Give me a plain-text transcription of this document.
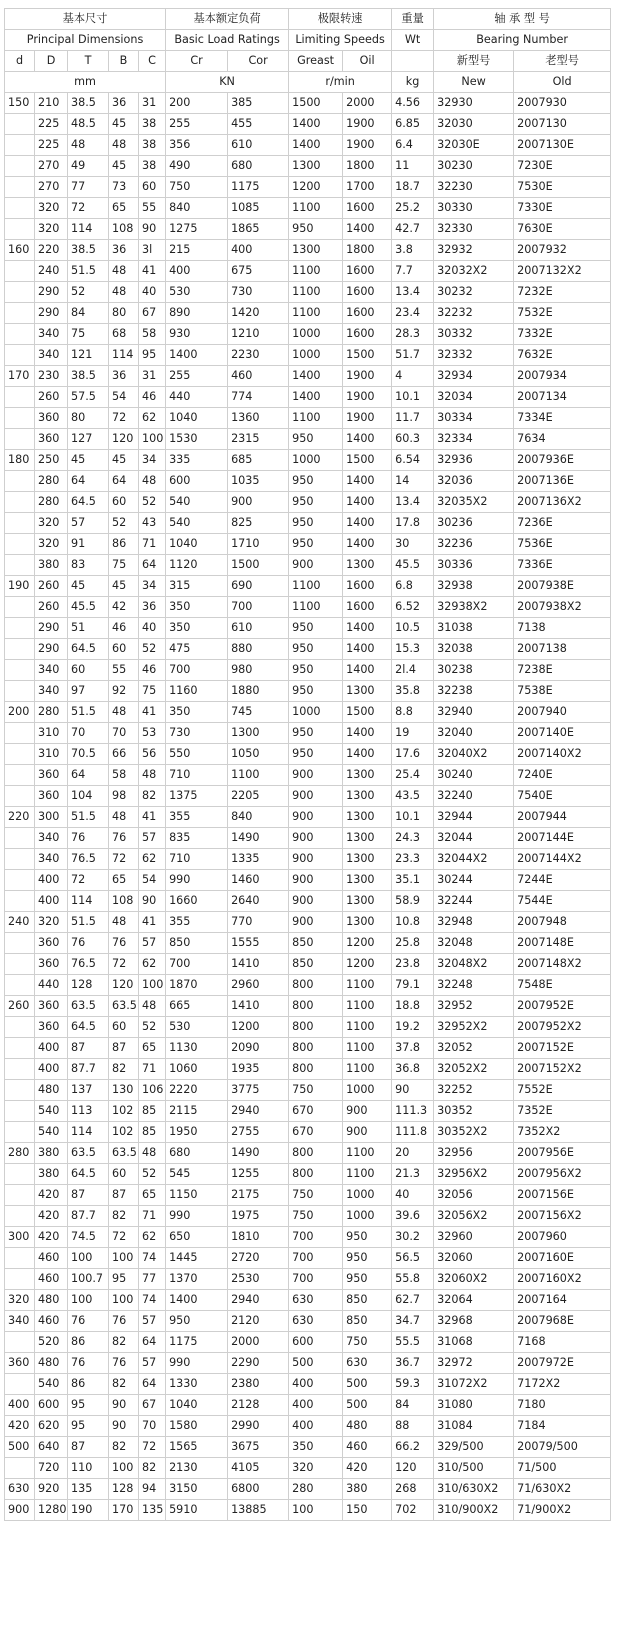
基本尺寸					基本额定负荷		极限转速		重量	轴 承 型 号	
Principal Dimensions					Basic Load Ratings		Limiting Speeds		Wt	Bearing Number	
d	D	T	B	C	Cr	Cor	Greast	Oil		新型号	老型号
mm					KN		r/min		kg	New	Old
150	210	38.5	36	31	200	385	1500	2000	4.56	32930	2007930
	225	48.5	45	38	255	455	1400	1900	6.85	32030	2007130
	225	48	48	38	356	610	1400	1900	6.4	32030E	2007130E
	270	49	45	38	490	680	1300	1800	11	30230	7230E
	270	77	73	60	750	1175	1200	1700	18.7	32230	7530E
	320	72	65	55	840	1085	1100	1600	25.2	30330	7330E
	320	114	108	90	1275	1865	950	1400	42.7	32330	7630E
160	220	38.5	36	3l	215	400	1300	1800	3.8	32932	2007932
	240	51.5	48	41	400	675	1100	1600	7.7	32032X2	2007132X2
	290	52	48	40	530	730	1100	1600	13.4	30232	7232E
	290	84	80	67	890	1420	1100	1600	23.4	32232	7532E
	340	75	68	58	930	1210	1000	1600	28.3	30332	7332E
	340	121	114	95	1400	2230	1000	1500	51.7	32332	7632E
170	230	38.5	36	31	255	460	1400	1900	4	32934	2007934
	260	57.5	54	46	440	774	1400	1900	10.1	32034	2007134
	360	80	72	62	1040	1360	1100	1900	11.7	30334	7334E
	360	127	120	100	1530	2315	950	1400	60.3	32334	7634
180	250	45	45	34	335	685	1000	1500	6.54	32936	2007936E
	280	64	64	48	600	1035	950	1400	14	32036	2007136E
	280	64.5	60	52	540	900	950	1400	13.4	32035X2	2007136X2
	320	57	52	43	540	825	950	1400	17.8	30236	7236E
	320	91	86	71	1040	1710	950	1400	30	32236	7536E
	380	83	75	64	1120	1500	900	1300	45.5	30336	7336E
190	260	45	45	34	315	690	1100	1600	6.8	32938	2007938E
	260	45.5	42	36	350	700	1100	1600	6.52	32938X2	2007938X2
	290	51	46	40	350	610	950	1400	10.5	31038	7138
	290	64.5	60	52	475	880	950	1400	15.3	32038	2007138
	340	60	55	46	700	980	950	1400	2l.4	30238	7238E
	340	97	92	75	1160	1880	950	1300	35.8	32238	7538E
200	280	51.5	48	41	350	745	1000	1500	8.8	32940	2007940
	310	70	70	53	730	1300	950	1400	19	32040	2007140E
	310	70.5	66	56	550	1050	950	1400	17.6	32040X2	2007140X2
	360	64	58	48	710	1100	900	1300	25.4	30240	7240E
	360	104	98	82	1375	2205	900	1300	43.5	32240	7540E
220	300	51.5	48	41	355	840	900	1300	10.1	32944	2007944
	340	76	76	57	835	1490	900	1300	24.3	32044	2007144E
	340	76.5	72	62	710	1335	900	1300	23.3	32044X2	2007144X2
	400	72	65	54	990	1460	900	1300	35.1	30244	7244E
	400	114	108	90	1660	2640	900	1300	58.9	32244	7544E
240	320	51.5	48	41	355	770	900	1300	10.8	32948	2007948
	360	76	76	57	850	1555	850	1200	25.8	32048	2007148E
	360	76.5	72	62	700	1410	850	1200	23.8	32048X2	2007148X2
	440	128	120	100	1870	2960	800	1100	79.1	32248	7548E
260	360	63.5	63.5	48	665	1410	800	1100	18.8	32952	2007952E
	360	64.5	60	52	530	1200	800	1100	19.2	32952X2	2007952X2
	400	87	87	65	1130	2090	800	1100	37.8	32052	2007152E
	400	87.7	82	71	1060	1935	800	1100	36.8	32052X2	2007152X2
	480	137	130	106	2220	3775	750	1000	90	32252	7552E
	540	113	102	85	2115	2940	670	900	111.3	30352	7352E
	540	114	102	85	1950	2755	670	900	111.8	30352X2	7352X2
280	380	63.5	63.5	48	680	1490	800	1100	20	32956	2007956E
	380	64.5	60	52	545	1255	800	1100	21.3	32956X2	2007956X2
	420	87	87	65	1150	2175	750	1000	40	32056	2007156E
	420	87.7	82	71	990	1975	750	1000	39.6	32056X2	2007156X2
300	420	74.5	72	62	650	1810	700	950	30.2	32960	2007960
	460	100	100	74	1445	2720	700	950	56.5	32060	2007160E
	460	100.7	95	77	1370	2530	700	950	55.8	32060X2	2007160X2
320	480	100	100	74	1400	2940	630	850	62.7	32064	2007164
340	460	76	76	57	950	2120	630	850	34.7	32968	2007968E
	520	86	82	64	1175	2000	600	750	55.5	31068	7168
360	480	76	76	57	990	2290	500	630	36.7	32972	2007972E
	540	86	82	64	1330	2380	400	500	59.3	31072X2	7172X2
400	600	95	90	67	1040	2128	400	500	84	31080	7180
420	620	95	90	70	1580	2990	400	480	88	31084	7184
500	640	87	82	72	1565	3675	350	460	66.2	329/500	20079/500
	720	110	100	82	2130	4105	320	420	120	310/500	71/500
630	920	135	128	94	3150	6800	280	380	268	310/630X2	71/630X2
900	1280	190	170	135	5910	13885	100	150	702	310/900X2	71/900X2
